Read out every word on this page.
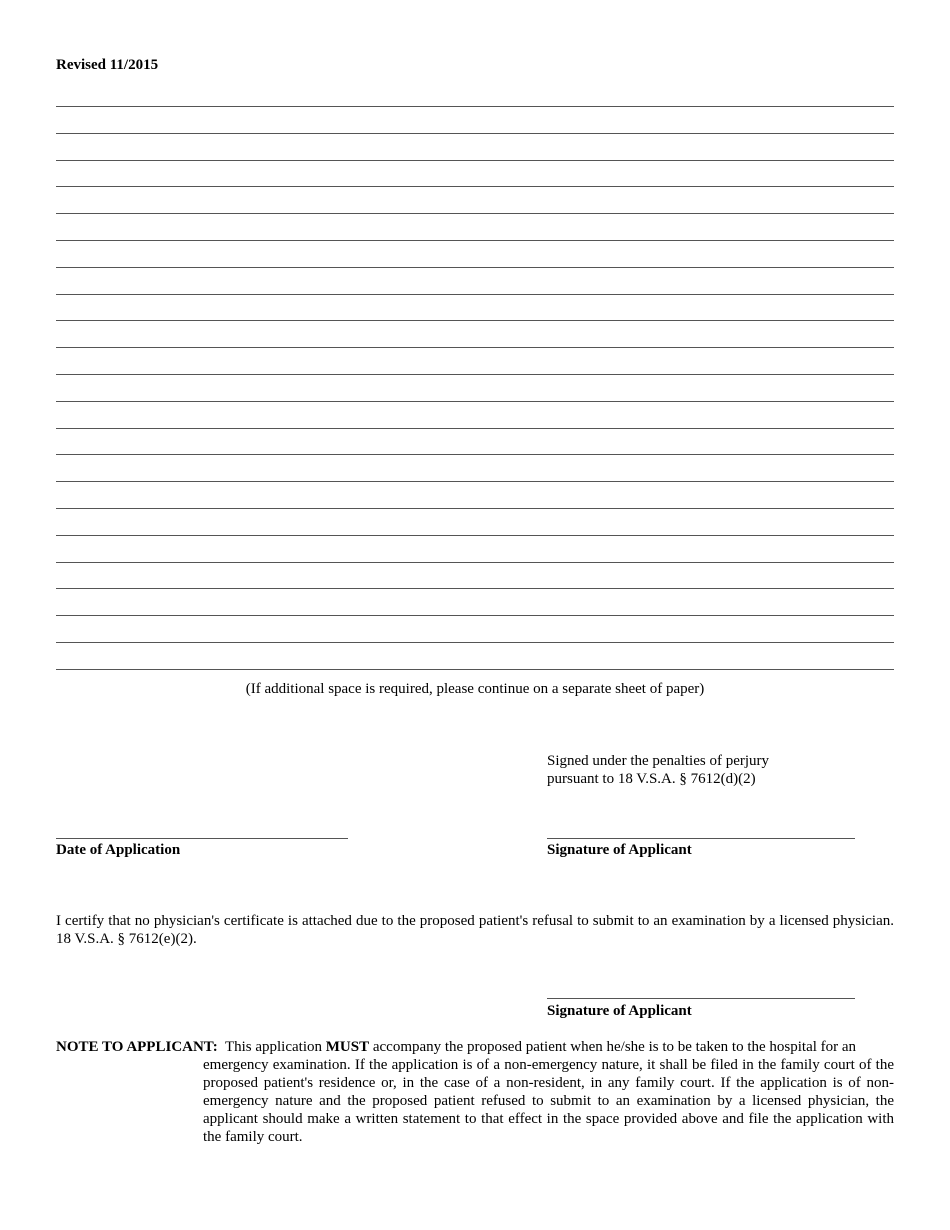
Revised 11/2015
(If additional space is required, please continue on a separate sheet of paper)
Signed under the penalties of perjury
pursuant to 18 V.S.A. § 7612(d)(2)
Date of Application	Signature of Applicant
I certify that no physician's certificate is attached due to the proposed patient's refusal to submit to an examination by a licensed physician. 18 V.S.A. § 7612(e)(2).
Signature of Applicant
NOTE TO APPLICANT: This application MUST accompany the proposed patient when he/she is to be taken to the hospital for an
emergency examination. If the application is of a non-emergency nature, it shall be filed in the family court of the proposed patient's residence or, in the case of a non-resident, in any family court. If the application is of non-emergency nature and the proposed patient refused to submit to an examination by a licensed physician, the applicant should make a written statement to that effect in the space provided above and file the application with the family court.
